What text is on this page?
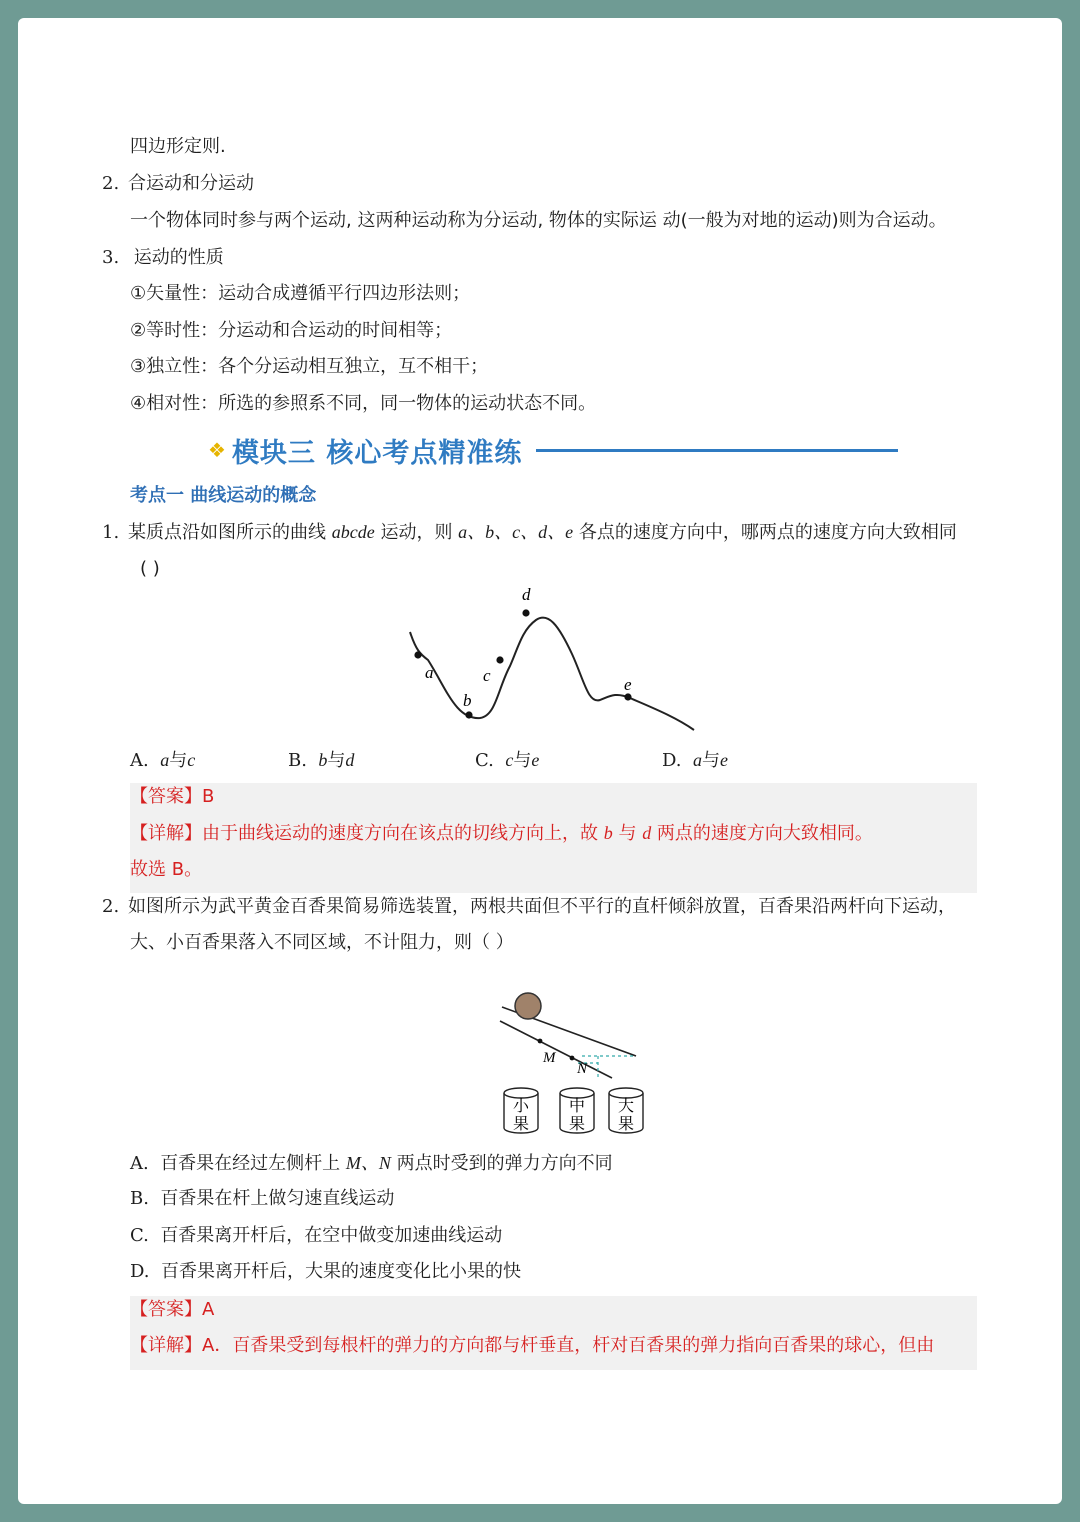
四边形定则.
2. 合运动和分运动
一个物体同时参与两个运动, 这两种运动称为分运动, 物体的实际运 动(一般为对地的运动)则为合运动。
3. 运动的性质
①矢量性：运动合成遵循平行四边形法则；
②等时性：分运动和合运动的时间相等；
③独立性：各个分运动相互独立，互不相干；
④相对性：所选的参照系不同，同一物体的运动状态不同。
❖ 模块三 核心考点精准练
考点一 曲线运动的概念
1. 某质点沿如图所示的曲线 abcde 运动，则 a、b、c、d、e 各点的速度方向中，哪两点的速度方向大致相同
( )
a
b
c
d
e
A. a与c	B. b与d	C. c与e	D. a与e
【答案】B
【详解】由于曲线运动的速度方向在该点的切线方向上，故 b 与 d 两点的速度方向大致相同。
故选 B。
2. 如图所示为武平黄金百香果简易筛选装置，两根共面但不平行的直杆倾斜放置，百香果沿两杆向下运动，
大、小百香果落入不同区域，不计阻力，则（ ）
M
N
小
果
中
果
大
果
A. 百香果在经过左侧杆上 M、N 两点时受到的弹力方向不同
B. 百香果在杆上做匀速直线运动
C. 百香果离开杆后，在空中做变加速曲线运动
D. 百香果离开杆后，大果的速度变化比小果的快
【答案】A
【详解】A．百香果受到每根杆的弹力的方向都与杆垂直，杆对百香果的弹力指向百香果的球心，但由
